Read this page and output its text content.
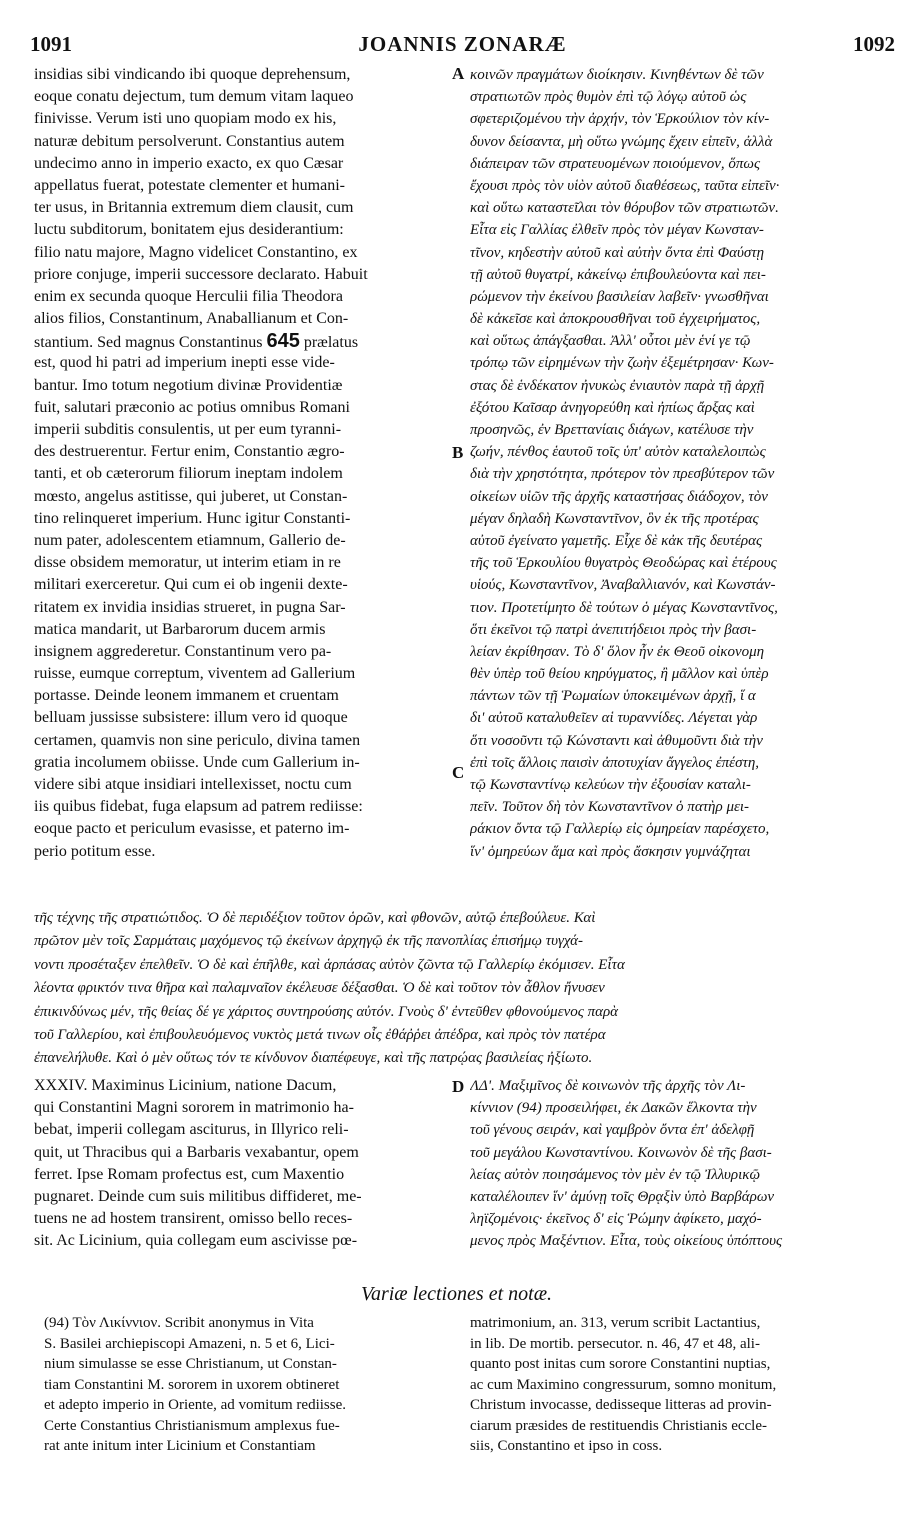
1091	JOANNIS ZONARÆ	1092
A
B
C
D
insidias sibi vindicando ibi quoque deprehensum,
eoque conatu dejectum, tum demum vitam laqueo
finivisse. Verum isti uno quopiam modo ex his,
naturæ debitum persolverunt. Constantius autem
undecimo anno in imperio exacto, ex quo Cæsar
appellatus fuerat, potestate clementer et humani-
ter usus, in Britannia extremum diem clausit, cum
luctu subditorum, bonitatem ejus desiderantium:
filio natu majore, Magno videlicet Constantino, ex
priore conjuge, imperii successore declarato. Habuit
enim ex secunda quoque Herculii filia Theodora
alios filios, Constantinum, Anaballianum et Con-
stantium. Sed magnus Constantinus 645 prælatus
est, quod hi patri ad imperium inepti esse vide-
bantur. Imo totum negotium divinæ Providentiæ
fuit, salutari præconio ac potius omnibus Romani
imperii subditis consulentis, ut per eum tyranni-
des destruerentur. Fertur enim, Constantio ægro-
tanti, et ob cæterorum filiorum ineptam indolem
mœsto, angelus astitisse, qui juberet, ut Constan-
tino relinqueret imperium. Hunc igitur Constanti-
num pater, adolescentem etiamnum, Gallerio de-
disse obsidem memoratur, ut interim etiam in re
militari exerceretur. Qui cum ei ob ingenii dexte-
ritatem ex invidia insidias strueret, in pugna Sar-
matica mandarit, ut Barbarorum ducem armis
insignem aggrederetur. Constantinum vero pa-
ruisse, eumque correptum, viventem ad Gallerium
portasse. Deinde leonem immanem et cruentam
belluam jussisse subsistere: illum vero id quoque
certamen, quamvis non sine periculo, divina tamen
gratia incolumem obiisse. Unde cum Gallerium in-
videre sibi atque insidiari intellexisset, noctu cum
iis quibus fidebat, fuga elapsum ad patrem rediisse:
eoque pacto et periculum evasisse, et paterno im-
perio potitum esse.
κοινῶν πραγμάτων διοίκησιν. Κινηθέντων δὲ τῶν
στρατιωτῶν πρὸς θυμὸν ἐπὶ τῷ λόγῳ αὐτοῦ ὡς
σφετεριζομένου τὴν ἀρχήν, τὸν Ἑρκούλιον τὸν κίν-
δυνον δείσαντα, μὴ οὕτω γνώμης ἔχειν εἰπεῖν, ἀλλὰ
διάπειραν τῶν στρατευομένων ποιούμενον, ὅπως
ἔχουσι πρὸς τὸν υἱὸν αὐτοῦ διαθέσεως, ταῦτα εἰπεῖν·
καὶ οὕτω καταστεῖλαι τὸν θόρυβον τῶν στρατιωτῶν.
Εἶτα εἰς Γαλλίας ἐλθεῖν πρὸς τὸν μέγαν Κωνσταν-
τῖνον, κηδεστὴν αὐτοῦ καὶ αὐτὴν ὄντα ἐπὶ Φαύστῃ
τῇ αὐτοῦ θυγατρί, κἀκείνῳ ἐπιβουλεύοντα καὶ πει-
ρώμενον τὴν ἐκείνου βασιλείαν λαβεῖν· γνωσθῆναι
δὲ κἀκεῖσε καὶ ἀποκρουσθῆναι τοῦ ἐγχειρήματος,
καὶ οὕτως ἀπάγξασθαι. Ἀλλ' οὗτοι μὲν ἑνί γε τῷ
τρόπῳ τῶν εἰρημένων τὴν ζωὴν ἐξεμέτρησαν· Κων-
στας δὲ ἑνδέκατον ἠνυκὼς ἐνιαυτὸν παρὰ τῇ ἀρχῇ
ἐξότου Καῖσαρ ἀνηγορεύθη καὶ ἠπίως ἄρξας καὶ
προσηνῶς, ἐν Βρεττανίαις διάγων, κατέλυσε τὴν
ζωήν, πένθος ἑαυτοῦ τοῖς ὑπ' αὐτὸν καταλελοιπὼς
διὰ τὴν χρηστότητα, πρότερον τὸν πρεσβύτερον τῶν
οἰκείων υἱῶν τῆς ἀρχῆς καταστήσας διάδοχον, τὸν
μέγαν δηλαδὴ Κωνσταντῖνον, ὃν ἐκ τῆς προτέρας
αὐτοῦ ἐγείνατο γαμετῆς. Εἶχε δὲ κἀκ τῆς δευτέρας
τῆς τοῦ Ἑρκουλίου θυγατρὸς Θεοδώρας καὶ ἑτέρους
υἱούς, Κωνσταντῖνον, Ἀναβαλλιανόν, καὶ Κωνστάν-
τιον. Προτετίμητο δὲ τούτων ὁ μέγας Κωνσταντῖνος,
ὅτι ἐκεῖνοι τῷ πατρὶ ἀνεπιτήδειοι πρὸς τὴν βασι-
λείαν ἐκρίθησαν. Τὸ δ' ὅλον ἦν ἐκ Θεοῦ οἰκονομη
θὲν ὑπὲρ τοῦ θείου κηρύγματος, ἢ μᾶλλον καὶ ὑπὲρ
πάντων τῶν τῇ Ῥωμαίων ὑποκειμένων ἀρχῇ, ἵ α
δι' αὐτοῦ καταλυθεῖεν αἱ τυραννίδες. Λέγεται γὰρ
ὅτι νοσοῦντι τῷ Κώνσταντι καὶ ἀθυμοῦντι διὰ τὴν
ἐπὶ τοῖς ἄλλοις παισὶν ἀποτυχίαν ἄγγελος ἐπέστη,
τῷ Κωνσταντίνῳ κελεύων τὴν ἐξουσίαν καταλι-
πεῖν. Τοῦτον δὴ τὸν Κωνσταντῖνον ὁ πατὴρ μει-
ράκιον ὄντα τῷ Γαλλερίῳ εἰς ὁμηρείαν παρέσχετο,
ἵν' ὁμηρεύων ἅμα καὶ πρὸς ἄσκησιν γυμνάζηται
τῆς τέχνης τῆς στρατιώτιδος. Ὁ δὲ περιδέξιον τοῦτον ὁρῶν, καὶ φθονῶν, αὐτῷ ἐπεβούλευε. Καὶ
πρῶτον μὲν τοῖς Σαρμάταις μαχόμενος τῷ ἐκείνων ἀρχηγῷ ἐκ τῆς πανοπλίας ἐπισήμῳ τυγχά-
νοντι προσέταξεν ἐπελθεῖν. Ὁ δὲ καὶ ἐπῆλθε, καὶ ἁρπάσας αὐτὸν ζῶντα τῷ Γαλλερίῳ ἐκόμισεν. Εἶτα
λέοντα φρικτόν τινα θῆρα καὶ παλαμναῖον ἐκέλευσε δέξασθαι. Ὁ δὲ καὶ τοῦτον τὸν ἆθλον ἤνυσεν
ἐπικινδύνως μέν, τῆς θείας δέ γε χάριτος συντηρούσης αὐτόν. Γνοὺς δ' ἐντεῦθεν φθονούμενος παρὰ
τοῦ Γαλλερίου, καὶ ἐπιβουλευόμενος νυκτὸς μετά τινων οἷς ἐθάῤῥει ἀπέδρα, καὶ πρὸς τὸν πατέρα
ἐπανελήλυθε. Καὶ ὁ μὲν οὕτως τόν τε κίνδυνον διαπέφευγε, καὶ τῆς πατρῴας βασιλείας ἠξίωτο.
XXXIV. Maximinus Licinium, natione Dacum,
qui Constantini Magni sororem in matrimonio ha-
bebat, imperii collegam asciturus, in Illyrico reli-
quit, ut Thracibus qui a Barbaris vexabantur, opem
ferret. Ipse Romam profectus est, cum Maxentio
pugnaret. Deinde cum suis militibus diffideret, me-
tuens ne ad hostem transirent, omisso bello reces-
sit. Ac Licinium, quia collegam eum ascivisse pœ-
ΛΔ'. Μαξιμῖνος δὲ κοινωνὸν τῆς ἀρχῆς τὸν Λι-
κίννιον (94) προσειλήφει, ἐκ Δακῶν ἕλκοντα τὴν
τοῦ γένους σειράν, καὶ γαμβρὸν ὄντα ἐπ' ἀδελφῇ
τοῦ μεγάλου Κωνσταντίνου. Κοινωνὸν δὲ τῆς βασι-
λείας αὐτὸν ποιησάμενος τὸν μὲν ἐν τῷ Ἰλλυρικῷ
καταλέλοιπεν ἵν' ἀμύνῃ τοῖς Θρᾳξὶν ὑπὸ Βαρβάρων
ληϊζομένοις· ἐκεῖνος δ' εἰς Ῥώμην ἀφίκετο, μαχό-
μενος πρὸς Μαξέντιον. Εἶτα, τοὺς οἰκείους ὑπόπτους
Variæ lectiones et notæ.
(94) Τὸν Λικίννιον. Scribit anonymus in Vita
S. Basilei archiepiscopi Amazeni, n. 5 et 6, Lici-
nium simulasse se esse Christianum, ut Constan-
tiam Constantini M. sororem in uxorem obtineret
et adepto imperio in Oriente, ad vomitum rediisse.
Certe Constantius Christianismum amplexus fue-
rat ante initum inter Licinium et Constantiam
matrimonium, an. 313, verum scribit Lactantius,
in lib. De mortib. persecutor. n. 46, 47 et 48, ali-
quanto post initas cum sorore Constantini nuptias,
ac cum Maximino congressurum, somno monitum,
Christum invocasse, dedisseque litteras ad provin-
ciarum præsides de restituendis Christianis eccle-
siis, Constantino et ipso in coss.
